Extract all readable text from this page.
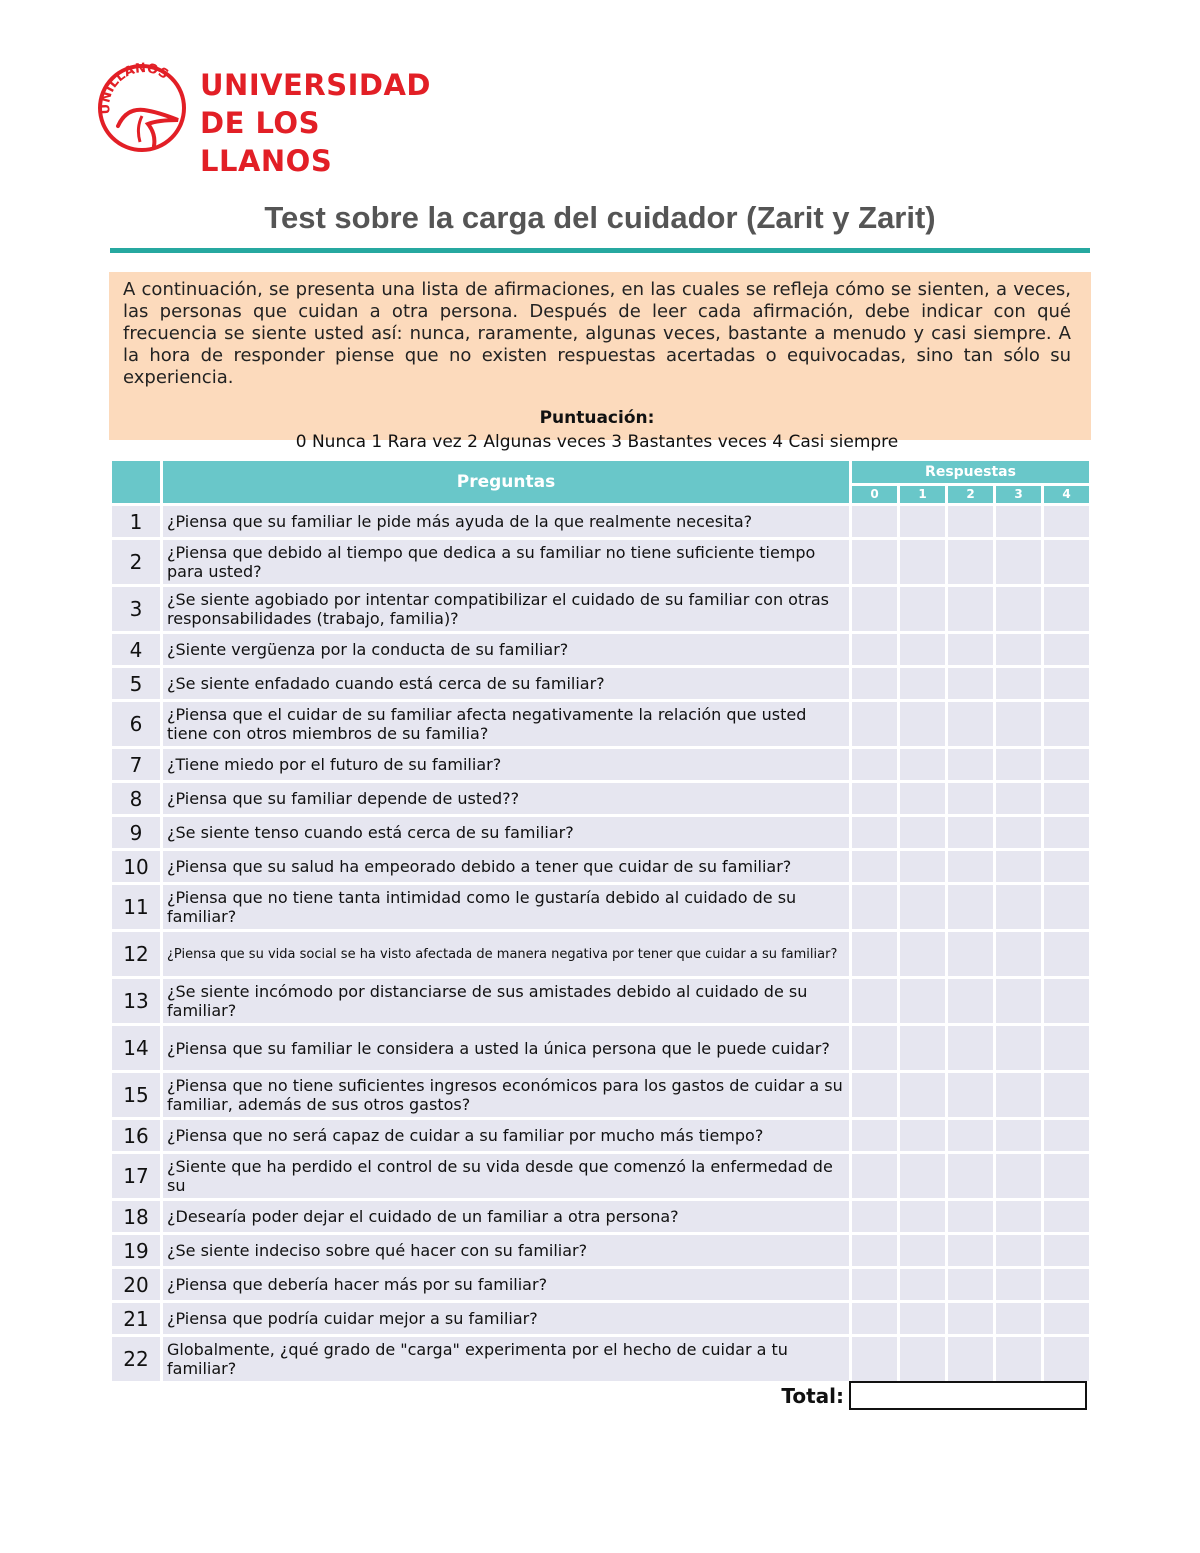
UNILLANOS UNIVERSIDAD
DE LOS LLANOS
Test sobre la carga del cuidador (Zarit y Zarit)

A continuación, se presenta una lista de afirmaciones, en las cuales se refleja cómo se sienten, a veces, las personas que cuidan a otra persona. Después de leer cada afirmación, debe indicar con qué frecuencia se siente usted así: nunca, raramente, algunas veces, bastante a menudo y casi siempre. A la hora de responder piense que no existen respuestas acertadas o equivocadas, sino tan sólo su experiencia.

Puntuación:
0 Nunca 1 Rara vez 2 Algunas veces 3 Bastantes veces 4 Casi siempre
	Preguntas	Respuestas				
		0	1	2	3	4
1	¿Piensa que su familiar le pide más ayuda de la que realmente necesita?					
2	¿Piensa que debido al tiempo que dedica a su familiar no tiene suficiente tiempo para usted?					
3	¿Se siente agobiado por intentar compatibilizar el cuidado de su familiar con otras responsabilidades (trabajo, familia)?					
4	¿Siente vergüenza por la conducta de su familiar?					
5	¿Se siente enfadado cuando está cerca de su familiar?					
6	¿Piensa que el cuidar de su familiar afecta negativamente la relación que usted tiene con otros miembros de su familia?					
7	¿Tiene miedo por el futuro de su familiar?					
8	¿Piensa que su familiar depende de usted??					
9	¿Se siente tenso cuando está cerca de su familiar?					
10	¿Piensa que su salud ha empeorado debido a tener que cuidar de su familiar?					
11	¿Piensa que no tiene tanta intimidad como le gustaría debido al cuidado de su familiar?					
12	¿Piensa que su vida social se ha visto afectada de manera negativa por tener que cuidar a su familiar?					
13	¿Se siente incómodo por distanciarse de sus amistades debido al cuidado de su familiar?					
14	¿Piensa que su familiar le considera a usted la única persona que le puede cuidar?					
15	¿Piensa que no tiene suficientes ingresos económicos para los gastos de cuidar a su familiar, además de sus otros gastos?					
16	¿Piensa que no será capaz de cuidar a su familiar por mucho más tiempo?					
17	¿Siente que ha perdido el control de su vida desde que comenzó la enfermedad de su					
18	¿Desearía poder dejar el cuidado de un familiar a otra persona?					
19	¿Se siente indeciso sobre qué hacer con su familiar?					
20	¿Piensa que debería hacer más por su familiar?					
21	¿Piensa que podría cuidar mejor a su familiar?					
22	Globalmente, ¿qué grado de "carga" experimenta por el hecho de cuidar a tu familiar?					
Total:
